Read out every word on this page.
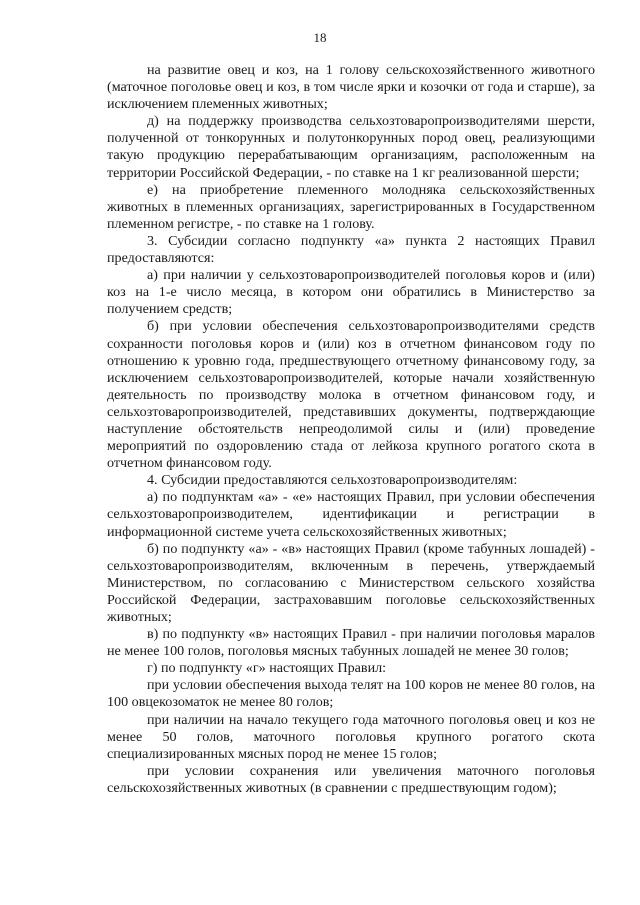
18

на развитие овец и коз, на 1 голову сельскохозяйственного животного (маточное поголовье овец и коз, в том числе ярки и козочки от года и старше), за исключением племенных животных;

д) на поддержку производства сельхозтоваропроизводителями шерсти, полученной от тонкорунных и полутонкорунных пород овец, реализующими такую продукцию перерабатывающим организациям, расположенным на территории Российской Федерации, - по ставке на 1 кг реализованной шерсти;

е) на приобретение племенного молодняка сельскохозяйственных животных в племенных организациях, зарегистрированных в Государственном племенном регистре, - по ставке на 1 голову.

3. Субсидии согласно подпункту «а» пункта 2 настоящих Правил предоставляются:

а) при наличии у сельхозтоваропроизводителей поголовья коров и (или) коз на 1-е число месяца, в котором они обратились в Министерство за получением средств;

б) при условии обеспечения сельхозтоваропроизводителями средств сохранности поголовья коров и (или) коз в отчетном финансовом году по отношению к уровню года, предшествующего отчетному финансовому году, за исключением сельхозтоваропроизводителей, которые начали хозяйственную деятельность по производству молока в отчетном финансовом году, и сельхозтоваропроизводителей, представивших документы, подтверждающие наступление обстоятельств непреодолимой силы и (или) проведение мероприятий по оздоровлению стада от лейкоза крупного рогатого скота в отчетном финансовом году.

4. Субсидии предоставляются сельхозтоваропроизводителям:

а) по подпунктам «а» - «е» настоящих Правил, при условии обеспечения сельхозтоваропроизводителем, идентификации и регистрации в информационной системе учета сельскохозяйственных животных;

б) по подпункту «а» - «в» настоящих Правил (кроме табунных лошадей) - сельхозтоваропроизводителям, включенным в перечень, утверждаемый Министерством, по согласованию с Министерством сельского хозяйства Российской Федерации, застраховавшим поголовье сельскохозяйственных животных;

в) по подпункту «в» настоящих Правил - при наличии поголовья маралов не менее 100 голов, поголовья мясных табунных лошадей не менее 30 голов;

г) по подпункту «г» настоящих Правил:

при условии обеспечения выхода телят на 100 коров не менее 80 голов, на 100 овцекозоматок не менее 80 голов;

при наличии на начало текущего года маточного поголовья овец и коз не менее 50 голов, маточного поголовья крупного рогатого скота специализированных мясных пород не менее 15 голов;

при условии сохранения или увеличения маточного поголовья сельскохозяйственных животных (в сравнении с предшествующим годом);
